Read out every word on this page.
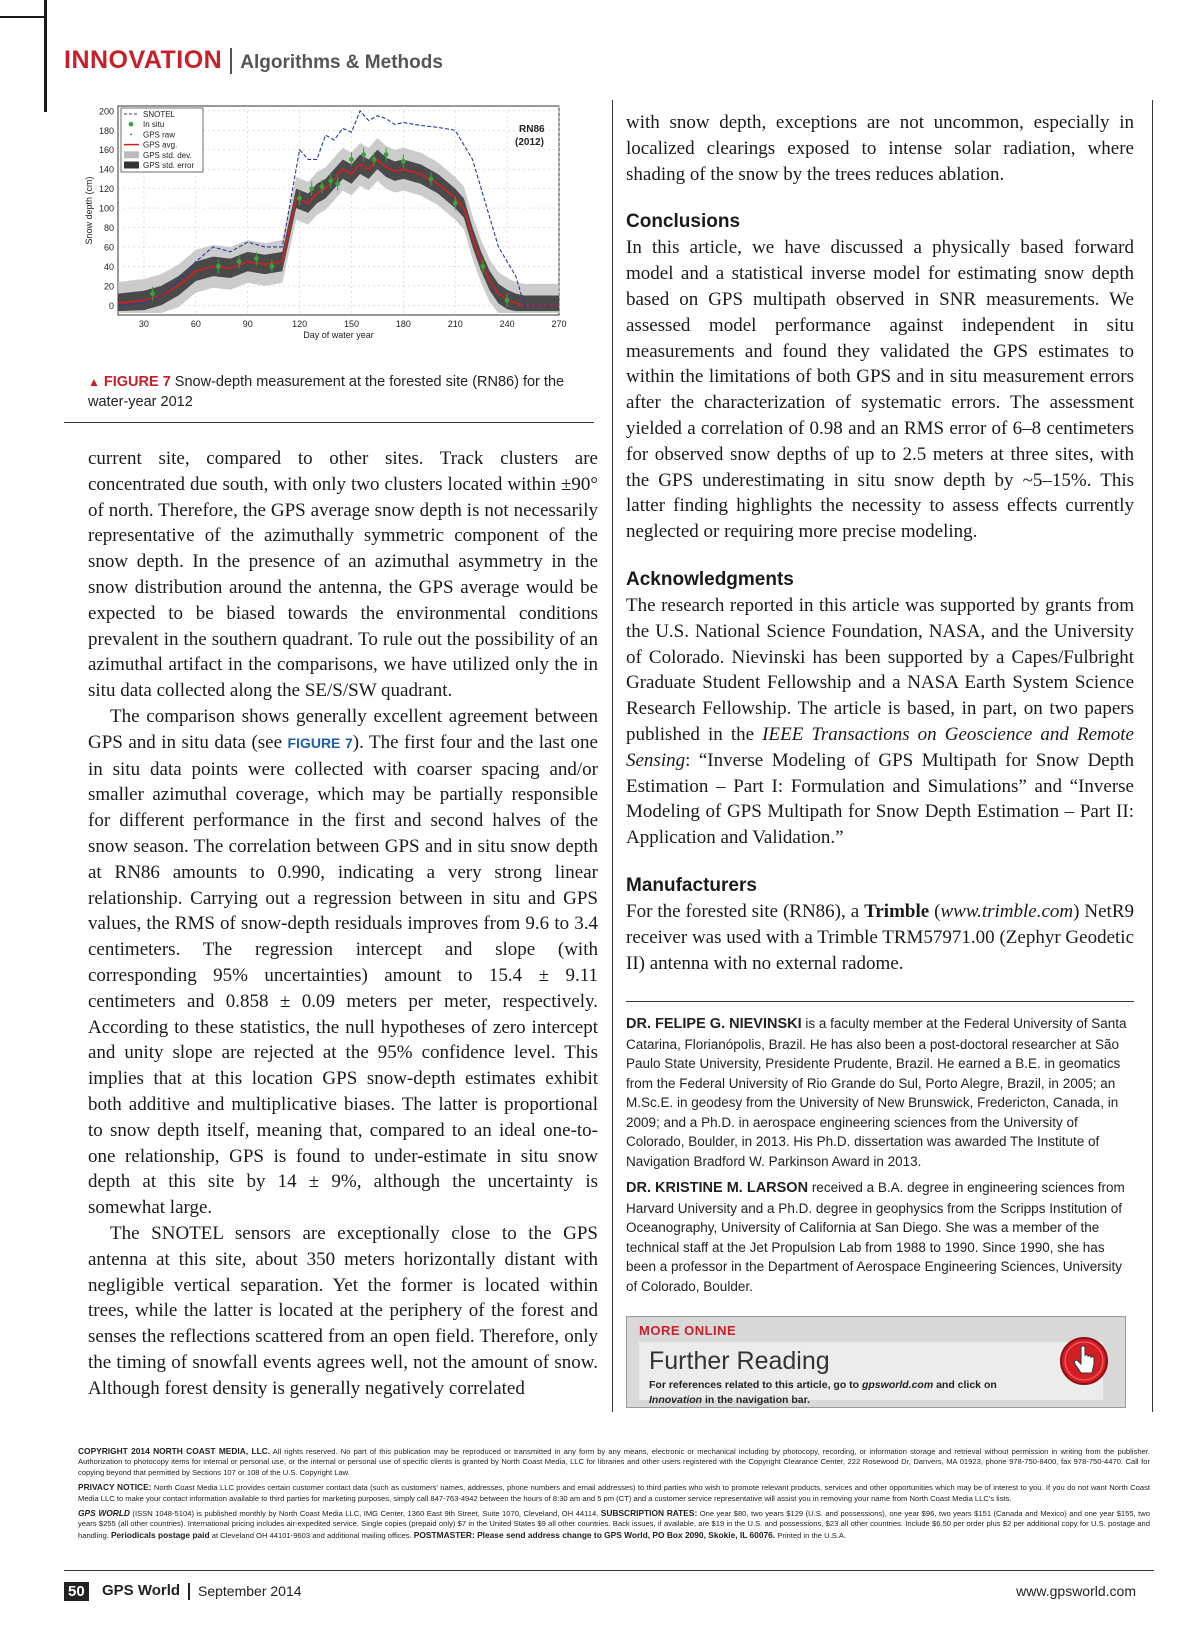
INNOVATION Algorithms & Methods
0
20
40
60
80
100
120
140
160
180
200
30	60	90	120	150	180	210	240	270
Day of water year
Snow depth (cm)
SNOTEL
In situ
GPS raw
GPS avg.
GPS std. dev.
GPS std. error
RN86
(2012)
▲ FIGURE 7 Snow-depth measurement at the forested site (RN86) for the water-year 2012

current site, compared to other sites. Track clusters are concentrated due south, with only two clusters located within ±90° of north. Therefore, the GPS average snow depth is not necessarily representative of the azimuthally symmetric component of the snow depth. In the presence of an azimuthal asymmetry in the snow distribution around the antenna, the GPS average would be expected to be biased towards the environmental conditions prevalent in the southern quadrant. To rule out the possibility of an azimuthal artifact in the comparisons, we have utilized only the in situ data collected along the SE/S/SW quadrant.

The comparison shows generally excellent agreement between GPS and in situ data (see FIGURE 7). The first four and the last one in situ data points were collected with coarser spacing and/or smaller azimuthal coverage, which may be partially responsible for different performance in the first and second halves of the snow season. The correlation between GPS and in situ snow depth at RN86 amounts to 0.990, indicating a very strong linear relationship. Carrying out a regression between in situ and GPS values, the RMS of snow-depth residuals improves from 9.6 to 3.4 centimeters. The regression intercept and slope (with corresponding 95% uncertainties) amount to 15.4 ± 9.11 centimeters and 0.858 ± 0.09 meters per meter, respectively. According to these statistics, the null hypotheses of zero intercept and unity slope are rejected at the 95% confidence level. This implies that at this location GPS snow-depth estimates exhibit both additive and multiplicative biases. The latter is proportional to snow depth itself, meaning that, compared to an ideal one-to-one relationship, GPS is found to under-estimate in situ snow depth at this site by 14 ± 9%, although the uncertainty is somewhat large.

The SNOTEL sensors are exceptionally close to the GPS antenna at this site, about 350 meters horizontally distant with negligible vertical separation. Yet the former is located within trees, while the latter is located at the periphery of the forest and senses the reflections scattered from an open field. Therefore, only the timing of snowfall events agrees well, not the amount of snow. Although forest density is generally negatively correlated

with snow depth, exceptions are not uncommon, especially in localized clearings exposed to intense solar radiation, where shading of the snow by the trees reduces ablation.

Conclusions

In this article, we have discussed a physically based forward model and a statistical inverse model for estimating snow depth based on GPS multipath observed in SNR measurements. We assessed model performance against independent in situ measurements and found they validated the GPS estimates to within the limitations of both GPS and in situ measurement errors after the characterization of systematic errors. The assessment yielded a correlation of 0.98 and an RMS error of 6–8 centimeters for observed snow depths of up to 2.5 meters at three sites, with the GPS underestimating in situ snow depth by ~5–15%. This latter finding highlights the necessity to assess effects currently neglected or requiring more precise modeling.

Acknowledgments

The research reported in this article was supported by grants from the U.S. National Science Foundation, NASA, and the University of Colorado. Nievinski has been supported by a Capes/Fulbright Graduate Student Fellowship and a NASA Earth System Science Research Fellowship. The article is based, in part, on two papers published in the IEEE Transactions on Geoscience and Remote Sensing: “Inverse Modeling of GPS Multipath for Snow Depth Estimation – Part I: Formulation and Simulations” and “Inverse Modeling of GPS Multipath for Snow Depth Estimation – Part II: Application and Validation.”

Manufacturers

For the forested site (RN86), a Trimble (www.trimble.com) NetR9 receiver was used with a Trimble TRM57971.00 (Zephyr Geodetic II) antenna with no external radome.

DR. FELIPE G. NIEVINSKI is a faculty member at the Federal University of Santa Catarina, Florianópolis, Brazil. He has also been a post-doctoral researcher at São Paulo State University, Presidente Prudente, Brazil. He earned a B.E. in geomatics from the Federal University of Rio Grande do Sul, Porto Alegre, Brazil, in 2005; an M.Sc.E. in geodesy from the University of New Brunswick, Fredericton, Canada, in 2009; and a Ph.D. in aerospace engineering sciences from the University of Colorado, Boulder, in 2013. His Ph.D. dissertation was awarded The Institute of Navigation Bradford W. Parkinson Award in 2013.

DR. KRISTINE M. LARSON received a B.A. degree in engineering sciences from Harvard University and a Ph.D. degree in geophysics from the Scripps Institution of Oceanography, University of California at San Diego. She was a member of the technical staff at the Jet Propulsion Lab from 1988 to 1990. Since 1990, she has been a professor in the Department of Aerospace Engineering Sciences, University of Colorado, Boulder.

MORE ONLINE
Further Reading
For references related to this article, go to gpsworld.com and click on Innovation in the navigation bar.

COPYRIGHT 2014 NORTH COAST MEDIA, LLC. All rights reserved. No part of this publication may be reproduced or transmitted in any form by any means, electronic or mechanical including by photocopy, recording, or information storage and retrieval without permission in writing from the publisher. Authorization to photocopy items for internal or personal use, or the internal or personal use of specific clients is granted by North Coast Media, LLC for libraries and other users registered with the Copyright Clearance Center, 222 Rosewood Dr, Danvers, MA 01923, phone 978-750-8400, fax 978-750-4470. Call for copying beyond that permitted by Sections 107 or 108 of the U.S. Copyright Law.

PRIVACY NOTICE: North Coast Media LLC provides certain customer contact data (such as customers' names, addresses, phone numbers and email addresses) to third parties who wish to promote relevant products, services and other opportunities which may be of interest to you. If you do not want North Coast Media LLC to make your contact information available to third parties for marketing purposes, simply call 847-763-4942 between the hours of 8:30 am and 5 pm (CT) and a customer service representative will assist you in removing your name from North Coast Media LLC's lists.

GPS WORLD (ISSN 1048-5104) is published monthly by North Coast Media LLC, IMG Center, 1360 East 9th Street, Suite 1070, Cleveland, OH 44114. SUBSCRIPTION RATES: One year $80, two years $129 (U.S. and possessions), one year $96, two years $151 (Canada and Mexico) and one year $155, two years $255 (all other countries). International pricing includes air-expedited service. Single copies (prepaid only) $7 in the United States $9 all other countries. Back issues, if available, are $19 in the U.S. and possessions, $23 all other countries. Include $6.50 per order plus $2 per additional copy for U.S. postage and handling. Periodicals postage paid at Cleveland OH 44101-9603 and additional mailing offices. POSTMASTER: Please send address change to GPS World, PO Box 2090, Skokie, IL 60076. Printed in the U.S.A.

50 GPS World September 2014	www.gpsworld.com
